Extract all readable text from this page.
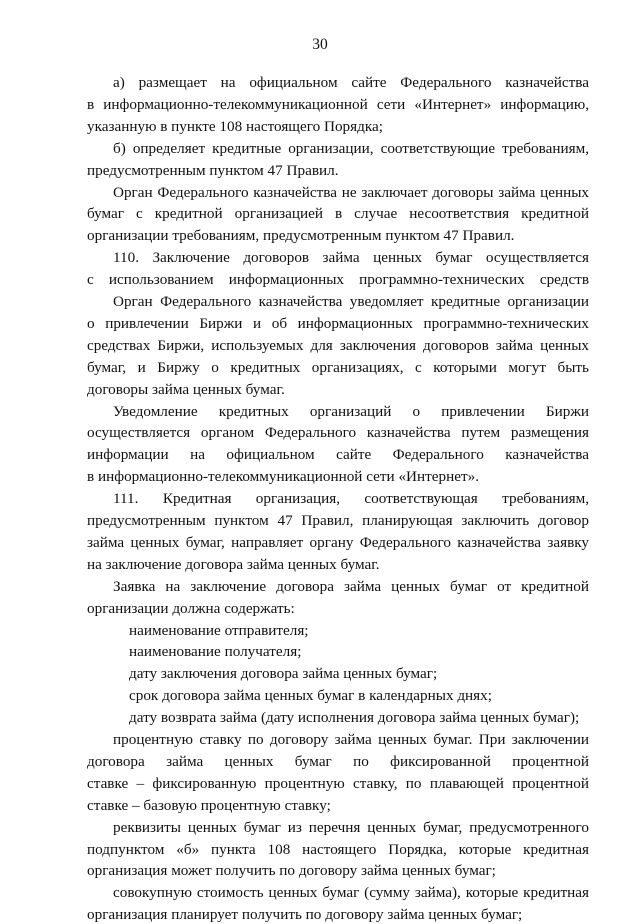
30
а) размещает на официальном сайте Федерального казначейства
в информационно-телекоммуникационной сети «Интернет» информацию,
указанную в пункте 108 настоящего Порядка;
б) определяет кредитные организации, соответствующие требованиям,
предусмотренным пунктом 47 Правил.
Орган Федерального казначейства не заключает договоры займа ценных
бумаг с кредитной организацией в случае несоответствия кредитной
организации требованиям, предусмотренным пунктом 47 Правил.
110. Заключение договоров займа ценных бумаг осуществляется
с использованием информационных программно-технических средств
Орган Федерального казначейства уведомляет кредитные организации
о привлечении Биржи и об информационных программно-технических
средствах Биржи, используемых для заключения договоров займа ценных
бумаг, и Биржу о кредитных организациях, с которыми могут быть
договоры займа ценных бумаг.
Уведомление кредитных организаций о привлечении Биржи
осуществляется органом Федерального казначейства путем размещения
информации на официальном сайте Федерального казначейства
в информационно-телекоммуникационной сети «Интернет».
111. Кредитная организация, соответствующая требованиям,
предусмотренным пунктом 47 Правил, планирующая заключить договор
займа ценных бумаг, направляет органу Федерального казначейства заявку
на заключение договора займа ценных бумаг.
Заявка на заключение договора займа ценных бумаг от кредитной
организации должна содержать:
наименование отправителя;
наименование получателя;
дату заключения договора займа ценных бумаг;
срок договора займа ценных бумаг в календарных днях;
дату возврата займа (дату исполнения договора займа ценных бумаг);
процентную ставку по договору займа ценных бумаг. При заключении
договора займа ценных бумаг по фиксированной процентной
ставке – фиксированную процентную ставку, по плавающей процентной
ставке – базовую процентную ставку;
реквизиты ценных бумаг из перечня ценных бумаг, предусмотренного
подпунктом «б» пункта 108 настоящего Порядка, которые кредитная
организация может получить по договору займа ценных бумаг;
совокупную стоимость ценных бумаг (сумму займа), которые кредитная
организация планирует получить по договору займа ценных бумаг;
